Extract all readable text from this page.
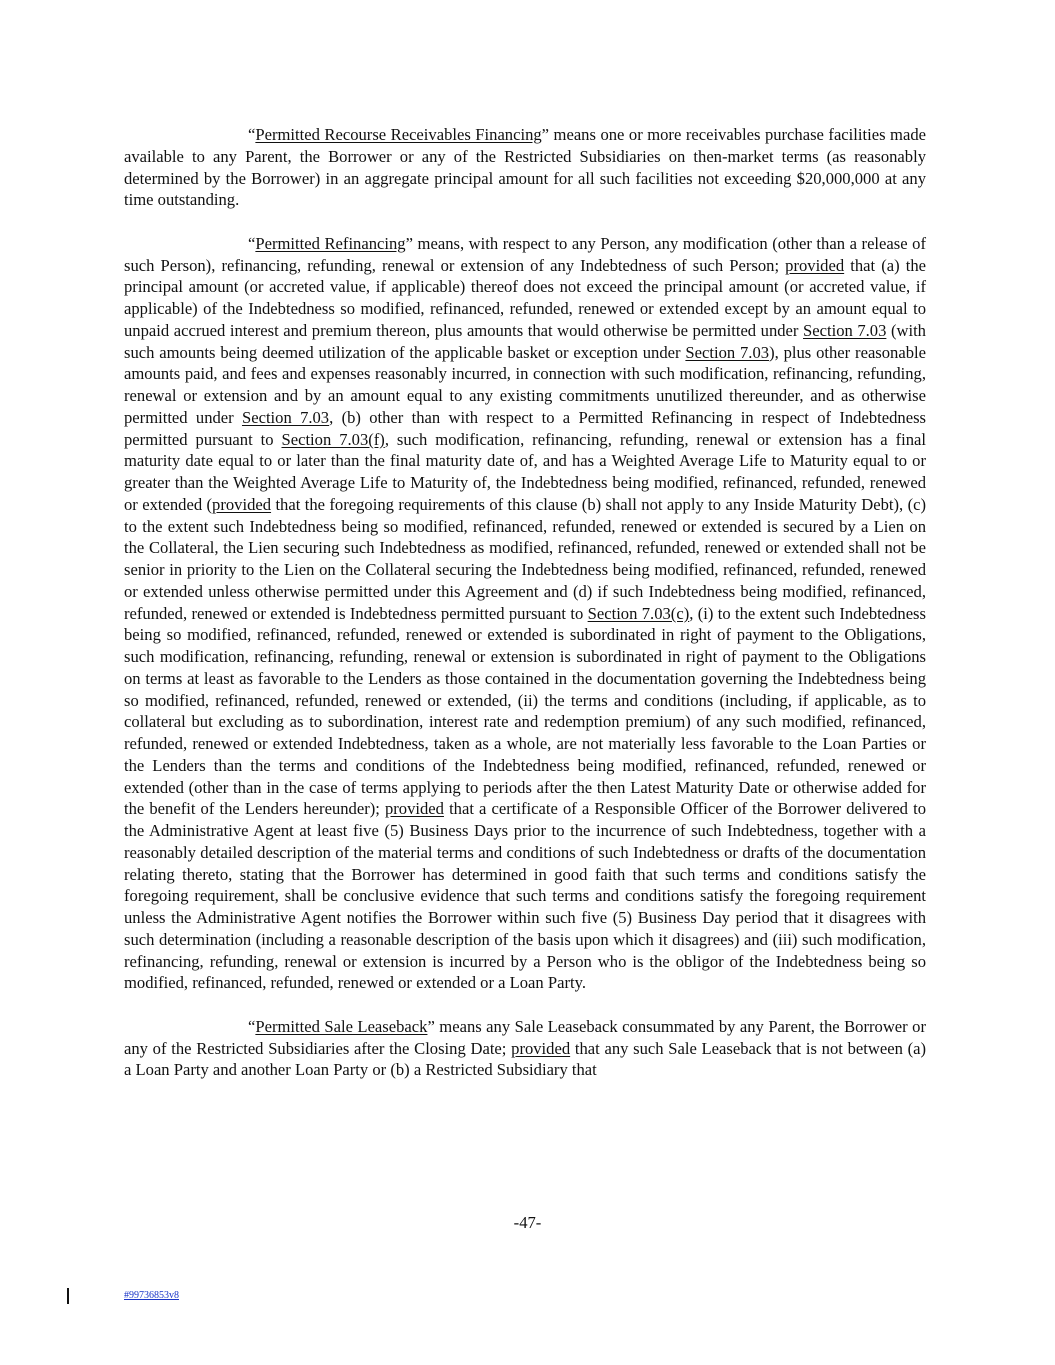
“Permitted Recourse Receivables Financing” means one or more receivables purchase facilities made available to any Parent, the Borrower or any of the Restricted Subsidiaries on then-market terms (as reasonably determined by the Borrower) in an aggregate principal amount for all such facilities not exceeding $20,000,000 at any time outstanding.

“Permitted Refinancing” means, with respect to any Person, any modification (other than a release of such Person), refinancing, refunding, renewal or extension of any Indebtedness of such Person; provided that (a) the principal amount (or accreted value, if applicable) thereof does not exceed the principal amount (or accreted value, if applicable) of the Indebtedness so modified, refinanced, refunded, renewed or extended except by an amount equal to unpaid accrued interest and premium thereon, plus amounts that would otherwise be permitted under Section 7.03 (with such amounts being deemed utilization of the applicable basket or exception under Section 7.03), plus other reasonable amounts paid, and fees and expenses reasonably incurred, in connection with such modification, refinancing, refunding, renewal or extension and by an amount equal to any existing commitments unutilized thereunder, and as otherwise permitted under Section 7.03, (b) other than with respect to a Permitted Refinancing in respect of Indebtedness permitted pursuant to Section 7.03(f), such modification, refinancing, refunding, renewal or extension has a final maturity date equal to or later than the final maturity date of, and has a Weighted Average Life to Maturity equal to or greater than the Weighted Average Life to Maturity of, the Indebtedness being modified, refinanced, refunded, renewed or extended (provided that the foregoing requirements of this clause (b) shall not apply to any Inside Maturity Debt), (c) to the extent such Indebtedness being so modified, refinanced, refunded, renewed or extended is secured by a Lien on the Collateral, the Lien securing such Indebtedness as modified, refinanced, refunded, renewed or extended shall not be senior in priority to the Lien on the Collateral securing the Indebtedness being modified, refinanced, refunded, renewed or extended unless otherwise permitted under this Agreement and (d) if such Indebtedness being modified, refinanced, refunded, renewed or extended is Indebtedness permitted pursuant to Section 7.03(c), (i) to the extent such Indebtedness being so modified, refinanced, refunded, renewed or extended is subordinated in right of payment to the Obligations, such modification, refinancing, refunding, renewal or extension is subordinated in right of payment to the Obligations on terms at least as favorable to the Lenders as those contained in the documentation governing the Indebtedness being so modified, refinanced, refunded, renewed or extended, (ii) the terms and conditions (including, if applicable, as to collateral but excluding as to subordination, interest rate and redemption premium) of any such modified, refinanced, refunded, renewed or extended Indebtedness, taken as a whole, are not materially less favorable to the Loan Parties or the Lenders than the terms and conditions of the Indebtedness being modified, refinanced, refunded, renewed or extended (other than in the case of terms applying to periods after the then Latest Maturity Date or otherwise added for the benefit of the Lenders hereunder); provided that a certificate of a Responsible Officer of the Borrower delivered to the Administrative Agent at least five (5) Business Days prior to the incurrence of such Indebtedness, together with a reasonably detailed description of the material terms and conditions of such Indebtedness or drafts of the documentation relating thereto, stating that the Borrower has determined in good faith that such terms and conditions satisfy the foregoing requirement, shall be conclusive evidence that such terms and conditions satisfy the foregoing requirement unless the Administrative Agent notifies the Borrower within such five (5) Business Day period that it disagrees with such determination (including a reasonable description of the basis upon which it disagrees) and (iii) such modification, refinancing, refunding, renewal or extension is incurred by a Person who is the obligor of the Indebtedness being so modified, refinanced, refunded, renewed or extended or a Loan Party.

“Permitted Sale Leaseback” means any Sale Leaseback consummated by any Parent, the Borrower or any of the Restricted Subsidiaries after the Closing Date; provided that any such Sale Leaseback that is not between (a) a Loan Party and another Loan Party or (b) a Restricted Subsidiary that

-47-
#99736853v8
